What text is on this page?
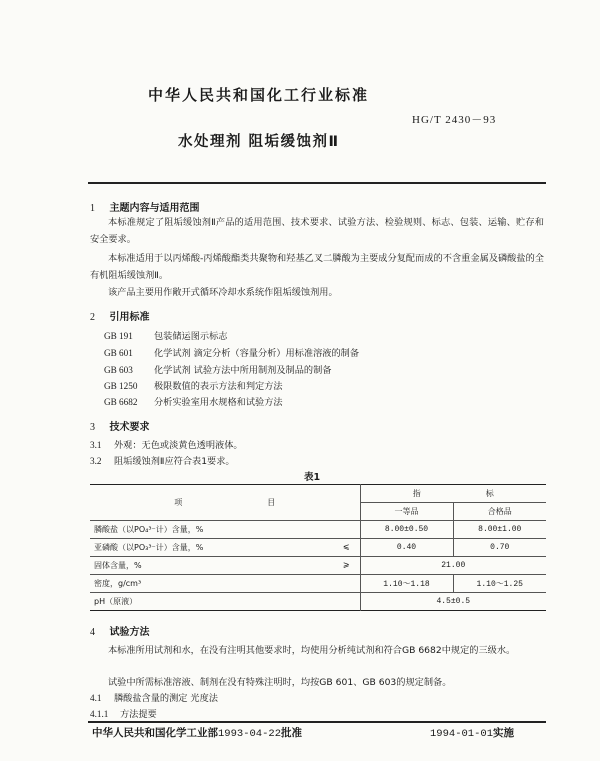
中华人民共和国化工行业标准
HG/T 2430－93
水处理剂 阻垢缓蚀剂Ⅱ
1 主题内容与适用范围
本标准规定了阻垢缓蚀剂Ⅱ产品的适用范围、技术要求、试验方法、检验规则、标志、包装、运输、贮存和安全要求。
本标准适用于以丙烯酸-丙烯酸酯类共聚物和羟基乙叉二膦酸为主要成分复配而成的不含重金属及磷酸盐的全有机阻垢缓蚀剂Ⅱ。
该产品主要用作敞开式循环冷却水系统作阻垢缓蚀剂用。
2 引用标准
GB 191 包装储运图示标志
GB 601 化学试剂 滴定分析（容量分析）用标准溶液的制备
GB 603 化学试剂 试验方法中所用制剂及制品的制备
GB 1250 极限数值的表示方法和判定方法
GB 6682 分析实验室用水规格和试验方法
3 技术要求
3.1 外观：无色或淡黄色透明液体。
3.2 阻垢缓蚀剂Ⅱ应符合表1要求。
表1
项 目	指 标	
	一等品	合格品

膦酸盐（以PO₄³⁻计）含量，%	8.00±0.50	8.00±1.00

亚磷酸（以PO₃³⁻计）含量，% ⩽	0.40	0.70

固体含量，% ⩾	21.00	

密度，g/cm³	1.10～1.18	1.10～1.25

pH（原液）	4.5±0.5	
4 试验方法
本标准所用试剂和水，在没有注明其他要求时，均使用分析纯试剂和符合GB 6682中规定的三级水。
试验中所需标准溶液、制剂在没有特殊注明时，均按GB 601、GB 603的规定制备。
4.1 膦酸盐含量的测定 光度法
4.1.1 方法提要
中华人民共和国化学工业部1993-04-22批准	1994-01-01实施
